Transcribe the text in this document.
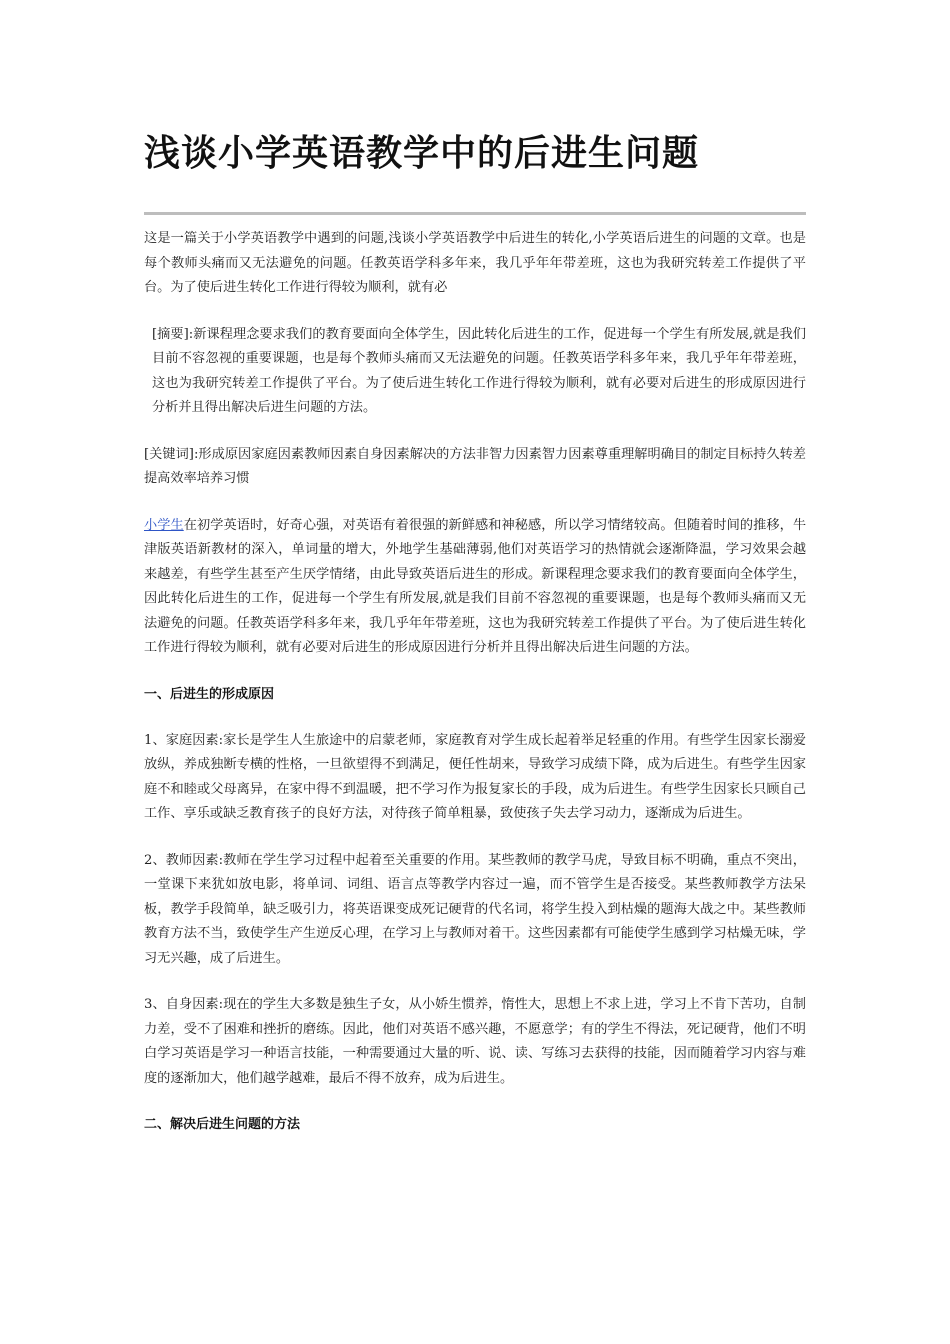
浅谈小学英语教学中的后进生问题

这是一篇关于小学英语教学中遇到的问题,浅谈小学英语教学中后进生的转化,小学英语后进生的问题的文章。也是每个教师头痛而又无法避免的问题。任教英语学科多年来，我几乎年年带差班，这也为我研究转差工作提供了平台。为了使后进生转化工作进行得较为顺利，就有必

[摘要]:新课程理念要求我们的教育要面向全体学生，因此转化后进生的工作，促进每一个学生有所发展,就是我们目前不容忽视的重要课题，也是每个教师头痛而又无法避免的问题。任教英语学科多年来，我几乎年年带差班，这也为我研究转差工作提供了平台。为了使后进生转化工作进行得较为顺利，就有必要对后进生的形成原因进行分析并且得出解决后进生问题的方法。

[关键词]:形成原因家庭因素教师因素自身因素解决的方法非智力因素智力因素尊重理解明确目的制定目标持久转差提高效率培养习惯

小学生在初学英语时，好奇心强，对英语有着很强的新鲜感和神秘感，所以学习情绪较高。但随着时间的推移，牛津版英语新教材的深入，单词量的增大，外地学生基础薄弱,他们对英语学习的热情就会逐渐降温，学习效果会越来越差，有些学生甚至产生厌学情绪，由此导致英语后进生的形成。新课程理念要求我们的教育要面向全体学生，因此转化后进生的工作，促进每一个学生有所发展,就是我们目前不容忽视的重要课题，也是每个教师头痛而又无法避免的问题。任教英语学科多年来，我几乎年年带差班，这也为我研究转差工作提供了平台。为了使后进生转化工作进行得较为顺利，就有必要对后进生的形成原因进行分析并且得出解决后进生问题的方法。

一、后进生的形成原因

1、家庭因素:家长是学生人生旅途中的启蒙老师，家庭教育对学生成长起着举足轻重的作用。有些学生因家长溺爱放纵，养成独断专横的性格，一旦欲望得不到满足，便任性胡来，导致学习成绩下降，成为后进生。有些学生因家庭不和睦或父母离异，在家中得不到温暖，把不学习作为报复家长的手段，成为后进生。有些学生因家长只顾自己工作、享乐或缺乏教育孩子的良好方法，对待孩子简单粗暴，致使孩子失去学习动力，逐渐成为后进生。

2、教师因素:教师在学生学习过程中起着至关重要的作用。某些教师的教学马虎，导致目标不明确，重点不突出，一堂课下来犹如放电影，将单词、词组、语言点等教学内容过一遍，而不管学生是否接受。某些教师教学方法呆板，教学手段简单，缺乏吸引力，将英语课变成死记硬背的代名词，将学生投入到枯燥的题海大战之中。某些教师教育方法不当，致使学生产生逆反心理，在学习上与教师对着干。这些因素都有可能使学生感到学习枯燥无味，学习无兴趣，成了后进生。

3、自身因素:现在的学生大多数是独生子女，从小娇生惯养，惰性大，思想上不求上进，学习上不肯下苦功，自制力差，受不了困难和挫折的磨练。因此，他们对英语不感兴趣，不愿意学；有的学生不得法，死记硬背，他们不明白学习英语是学习一种语言技能，一种需要通过大量的听、说、读、写练习去获得的技能，因而随着学习内容与难度的逐渐加大，他们越学越难，最后不得不放弃，成为后进生。

二、解决后进生问题的方法
